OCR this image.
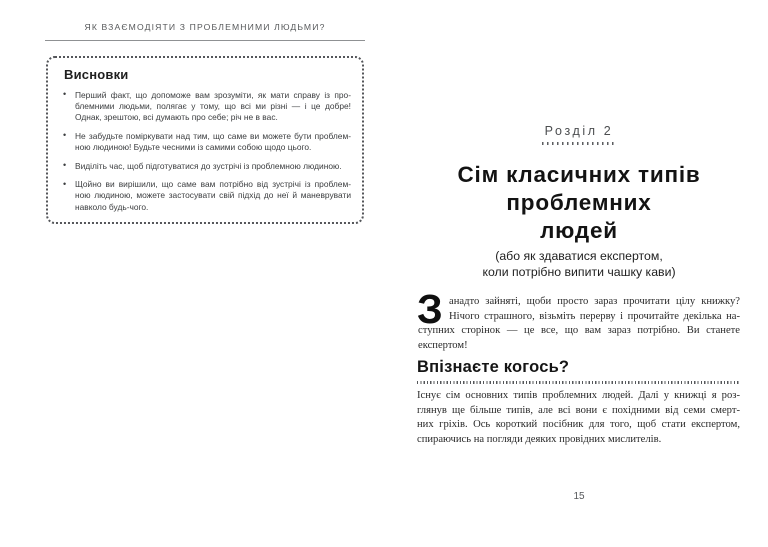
ЯК ВЗАЄМОДІЯТИ З ПРОБЛЕМНИМИ ЛЮДЬМИ?
Висновки
• Перший факт, що допоможе вам зрозуміти, як мати справу із про-
блемними людьми, полягає у тому, що всі ми різні — і це добре!
Однак, зрештою, всі думають про себе; річ не в вас.
• Не забудьте поміркувати над тим, що саме ви можете бути проблем-
ною людиною! Будьте чесними із самими собою щодо цього.
• Виділіть час, щоб підготуватися до зустрічі із проблемною людиною.
• Щойно ви вирішили, що саме вам потрібно від зустрічі із проблем-
ною людиною, можете застосувати свій підхід до неї й маневрувати
навколо будь-чого.
Розділ 2
Сім класичних типів
проблемних
людей
(або як здаватися експертом,
коли потрібно випити чашку кави)
З анадто зайняті, щоби просто зараз прочитати цілу книжку?
Нічого страшного, візьміть перерву і прочитайте декілька на-
ступних сторінок — це все, що вам зараз потрібно. Ви станете
експертом!
Впізнаєте когось?
Існує сім основних типів проблемних людей. Далі у книжці я роз-
глянув ще більше типів, але всі вони є похідними від семи смерт-
них гріхів. Ось короткий посібник для того, щоб стати експертом,
спираючись на погляди деяких провідних мислителів.
15
